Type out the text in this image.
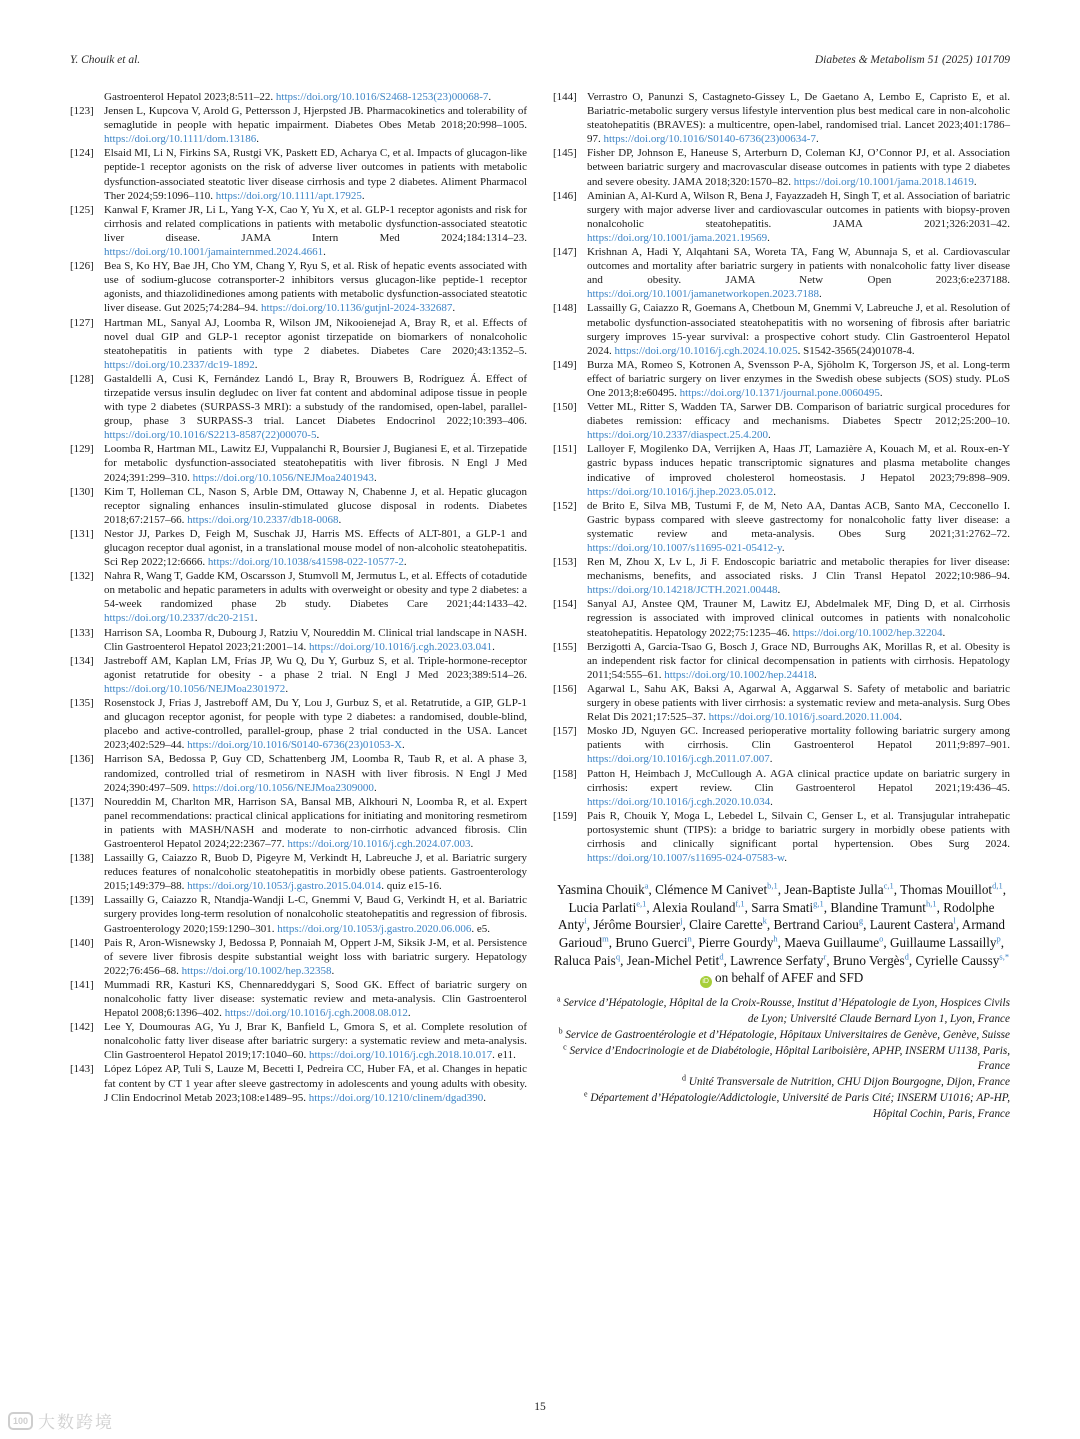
Y. Chouik et al.	Diabetes & Metabolism 51 (2025) 101709
Gastroenterol Hepatol 2023;8:511–22. https://doi.org/10.1016/S2468-1253(23)00068-7.
[123] Jensen L, Kupcova V, Arold G, Pettersson J, Hjerpsted JB. Pharmacokinetics and tolerability of semaglutide in people with hepatic impairment. Diabetes Obes Metab 2018;20:998–1005. https://doi.org/10.1111/dom.13186.
[124] Elsaid MI, Li N, Firkins SA, Rustgi VK, Paskett ED, Acharya C, et al. Impacts of glucagon-like peptide-1 receptor agonists on the risk of adverse liver outcomes in patients with metabolic dysfunction-associated steatotic liver disease cirrhosis and type 2 diabetes. Aliment Pharmacol Ther 2024;59:1096–110. https://doi.org/10.1111/apt.17925.
[125] Kanwal F, Kramer JR, Li L, Yang Y-X, Cao Y, Yu X, et al. GLP-1 receptor agonists and risk for cirrhosis and related complications in patients with metabolic dysfunction-associated steatotic liver disease. JAMA Intern Med 2024;184:1314–23. https://doi.org/10.1001/jamainternmed.2024.4661.
[126] Bea S, Ko HY, Bae JH, Cho YM, Chang Y, Ryu S, et al. Risk of hepatic events associated with use of sodium-glucose cotransporter-2 inhibitors versus glucagon-like peptide-1 receptor agonists, and thiazolidinediones among patients with metabolic dysfunction-associated steatotic liver disease. Gut 2025;74:284–94. https://doi.org/10.1136/gutjnl-2024-332687.
[127] Hartman ML, Sanyal AJ, Loomba R, Wilson JM, Nikooienejad A, Bray R, et al. Effects of novel dual GIP and GLP-1 receptor agonist tirzepatide on biomarkers of nonalcoholic steatohepatitis in patients with type 2 diabetes. Diabetes Care 2020;43:1352–5. https://doi.org/10.2337/dc19-1892.
[128] Gastaldelli A, Cusi K, Fernández Landó L, Bray R, Brouwers B, Rodríguez Á. Effect of tirzepatide versus insulin degludec on liver fat content and abdominal adipose tissue in people with type 2 diabetes (SURPASS-3 MRI): a substudy of the randomised, open-label, parallel-group, phase 3 SURPASS-3 trial. Lancet Diabetes Endocrinol 2022;10:393–406. https://doi.org/10.1016/S2213-8587(22)00070-5.
[129] Loomba R, Hartman ML, Lawitz EJ, Vuppalanchi R, Boursier J, Bugianesi E, et al. Tirzepatide for metabolic dysfunction-associated steatohepatitis with liver fibrosis. N Engl J Med 2024;391:299–310. https://doi.org/10.1056/NEJMoa2401943.
[130] Kim T, Holleman CL, Nason S, Arble DM, Ottaway N, Chabenne J, et al. Hepatic glucagon receptor signaling enhances insulin-stimulated glucose disposal in rodents. Diabetes 2018;67:2157–66. https://doi.org/10.2337/db18-0068.
[131] Nestor JJ, Parkes D, Feigh M, Suschak JJ, Harris MS. Effects of ALT-801, a GLP-1 and glucagon receptor dual agonist, in a translational mouse model of non-alcoholic steatohepatitis. Sci Rep 2022;12:6666. https://doi.org/10.1038/s41598-022-10577-2.
[132] Nahra R, Wang T, Gadde KM, Oscarsson J, Stumvoll M, Jermutus L, et al. Effects of cotadutide on metabolic and hepatic parameters in adults with overweight or obesity and type 2 diabetes: a 54-week randomized phase 2b study. Diabetes Care 2021;44:1433–42. https://doi.org/10.2337/dc20-2151.
[133] Harrison SA, Loomba R, Dubourg J, Ratziu V, Noureddin M. Clinical trial landscape in NASH. Clin Gastroenterol Hepatol 2023;21:2001–14. https://doi.org/10.1016/j.cgh.2023.03.041.
[134] Jastreboff AM, Kaplan LM, Frías JP, Wu Q, Du Y, Gurbuz S, et al. Triple-hormone-receptor agonist retatrutide for obesity - a phase 2 trial. N Engl J Med 2023;389:514–26. https://doi.org/10.1056/NEJMoa2301972.
[135] Rosenstock J, Frias J, Jastreboff AM, Du Y, Lou J, Gurbuz S, et al. Retatrutide, a GIP, GLP-1 and glucagon receptor agonist, for people with type 2 diabetes: a randomised, double-blind, placebo and active-controlled, parallel-group, phase 2 trial conducted in the USA. Lancet 2023;402:529–44. https://doi.org/10.1016/S0140-6736(23)01053-X.
[136] Harrison SA, Bedossa P, Guy CD, Schattenberg JM, Loomba R, Taub R, et al. A phase 3, randomized, controlled trial of resmetirom in NASH with liver fibrosis. N Engl J Med 2024;390:497–509. https://doi.org/10.1056/NEJMoa2309000.
[137] Noureddin M, Charlton MR, Harrison SA, Bansal MB, Alkhouri N, Loomba R, et al. Expert panel recommendations: practical clinical applications for initiating and monitoring resmetirom in patients with MASH/NASH and moderate to non-cirrhotic advanced fibrosis. Clin Gastroenterol Hepatol 2024;22:2367–77. https://doi.org/10.1016/j.cgh.2024.07.003.
[138] Lassailly G, Caiazzo R, Buob D, Pigeyre M, Verkindt H, Labreuche J, et al. Bariatric surgery reduces features of nonalcoholic steatohepatitis in morbidly obese patients. Gastroenterology 2015;149:379–88. https://doi.org/10.1053/j.gastro.2015.04.014. quiz e15-16.
[139] Lassailly G, Caiazzo R, Ntandja-Wandji L-C, Gnemmi V, Baud G, Verkindt H, et al. Bariatric surgery provides long-term resolution of nonalcoholic steatohepatitis and regression of fibrosis. Gastroenterology 2020;159:1290–301. https://doi.org/10.1053/j.gastro.2020.06.006. e5.
[140] Pais R, Aron-Wisnewsky J, Bedossa P, Ponnaiah M, Oppert J-M, Siksik J-M, et al. Persistence of severe liver fibrosis despite substantial weight loss with bariatric surgery. Hepatology 2022;76:456–68. https://doi.org/10.1002/hep.32358.
[141] Mummadi RR, Kasturi KS, Chennareddygari S, Sood GK. Effect of bariatric surgery on nonalcoholic fatty liver disease: systematic review and meta-analysis. Clin Gastroenterol Hepatol 2008;6:1396–402. https://doi.org/10.1016/j.cgh.2008.08.012.
[142] Lee Y, Doumouras AG, Yu J, Brar K, Banfield L, Gmora S, et al. Complete resolution of nonalcoholic fatty liver disease after bariatric surgery: a systematic review and meta-analysis. Clin Gastroenterol Hepatol 2019;17:1040–60. https://doi.org/10.1016/j.cgh.2018.10.017. e11.
[143] López López AP, Tuli S, Lauze M, Becetti I, Pedreira CC, Huber FA, et al. Changes in hepatic fat content by CT 1 year after sleeve gastrectomy in adolescents and young adults with obesity. J Clin Endocrinol Metab 2023;108:e1489–95. https://doi.org/10.1210/clinem/dgad390.
[144] Verrastro O, Panunzi S, Castagneto-Gissey L, De Gaetano A, Lembo E, Capristo E, et al. Bariatric-metabolic surgery versus lifestyle intervention plus best medical care in non-alcoholic steatohepatitis (BRAVES): a multicentre, open-label, randomised trial. Lancet 2023;401:1786–97. https://doi.org/10.1016/S0140-6736(23)00634-7.
[145] Fisher DP, Johnson E, Haneuse S, Arterburn D, Coleman KJ, O’Connor PJ, et al. Association between bariatric surgery and macrovascular disease outcomes in patients with type 2 diabetes and severe obesity. JAMA 2018;320:1570–82. https://doi.org/10.1001/jama.2018.14619.
[146] Aminian A, Al-Kurd A, Wilson R, Bena J, Fayazzadeh H, Singh T, et al. Association of bariatric surgery with major adverse liver and cardiovascular outcomes in patients with biopsy-proven nonalcoholic steatohepatitis. JAMA 2021;326:2031–42. https://doi.org/10.1001/jama.2021.19569.
[147] Krishnan A, Hadi Y, Alqahtani SA, Woreta TA, Fang W, Abunnaja S, et al. Cardiovascular outcomes and mortality after bariatric surgery in patients with nonalcoholic fatty liver disease and obesity. JAMA Netw Open 2023;6:e237188. https://doi.org/10.1001/jamanetworkopen.2023.7188.
[148] Lassailly G, Caiazzo R, Goemans A, Chetboun M, Gnemmi V, Labreuche J, et al. Resolution of metabolic dysfunction-associated steatohepatitis with no worsening of fibrosis after bariatric surgery improves 15-year survival: a prospective cohort study. Clin Gastroenterol Hepatol 2024. https://doi.org/10.1016/j.cgh.2024.10.025. S1542-3565(24)01078-4.
[149] Burza MA, Romeo S, Kotronen A, Svensson P-A, Sjöholm K, Torgerson JS, et al. Long-term effect of bariatric surgery on liver enzymes in the Swedish obese subjects (SOS) study. PLoS One 2013;8:e60495. https://doi.org/10.1371/journal.pone.0060495.
[150] Vetter ML, Ritter S, Wadden TA, Sarwer DB. Comparison of bariatric surgical procedures for diabetes remission: efficacy and mechanisms. Diabetes Spectr 2012;25:200–10. https://doi.org/10.2337/diaspect.25.4.200.
[151] Lalloyer F, Mogilenko DA, Verrijken A, Haas JT, Lamazière A, Kouach M, et al. Roux-en-Y gastric bypass induces hepatic transcriptomic signatures and plasma metabolite changes indicative of improved cholesterol homeostasis. J Hepatol 2023;79:898–909. https://doi.org/10.1016/j.jhep.2023.05.012.
[152] de Brito E, Silva MB, Tustumi F, de M, Neto AA, Dantas ACB, Santo MA, Cecconello I. Gastric bypass compared with sleeve gastrectomy for nonalcoholic fatty liver disease: a systematic review and meta-analysis. Obes Surg 2021;31:2762–72. https://doi.org/10.1007/s11695-021-05412-y.
[153] Ren M, Zhou X, Lv L, Ji F. Endoscopic bariatric and metabolic therapies for liver disease: mechanisms, benefits, and associated risks. J Clin Transl Hepatol 2022;10:986–94. https://doi.org/10.14218/JCTH.2021.00448.
[154] Sanyal AJ, Anstee QM, Trauner M, Lawitz EJ, Abdelmalek MF, Ding D, et al. Cirrhosis regression is associated with improved clinical outcomes in patients with nonalcoholic steatohepatitis. Hepatology 2022;75:1235–46. https://doi.org/10.1002/hep.32204.
[155] Berzigotti A, Garcia-Tsao G, Bosch J, Grace ND, Burroughs AK, Morillas R, et al. Obesity is an independent risk factor for clinical decompensation in patients with cirrhosis. Hepatology 2011;54:555–61. https://doi.org/10.1002/hep.24418.
[156] Agarwal L, Sahu AK, Baksi A, Agarwal A, Aggarwal S. Safety of metabolic and bariatric surgery in obese patients with liver cirrhosis: a systematic review and meta-analysis. Surg Obes Relat Dis 2021;17:525–37. https://doi.org/10.1016/j.soard.2020.11.004.
[157] Mosko JD, Nguyen GC. Increased perioperative mortality following bariatric surgery among patients with cirrhosis. Clin Gastroenterol Hepatol 2011;9:897–901. https://doi.org/10.1016/j.cgh.2011.07.007.
[158] Patton H, Heimbach J, McCullough A. AGA clinical practice update on bariatric surgery in cirrhosis: expert review. Clin Gastroenterol Hepatol 2021;19:436–45. https://doi.org/10.1016/j.cgh.2020.10.034.
[159] Pais R, Chouik Y, Moga L, Lebedel L, Silvain C, Genser L, et al. Transjugular intrahepatic portosystemic shunt (TIPS): a bridge to bariatric surgery in morbidly obese patients with cirrhosis and clinically significant portal hypertension. Obes Surg 2024. https://doi.org/10.1007/s11695-024-07583-w.
Yasmina Chouik$^a$, Clémence M Canivet$^{b,1}$, Jean-Baptiste Julla$^{c,1}$, Thomas Mouillot$^{d,1}$, Lucia Parlati$^{e,1}$, Alexia Rouland$^{f,1}$, Sarra Smati$^{g,1}$, Blandine Tramunt$^{h,1}$, Rodolphe Anty$^i$, Jérôme Boursier$^j$, Claire Carette$^k$, Bertrand Cariou$^g$, Laurent Castera$^l$, Armand Garioud$^m$, Bruno Guerci$^n$, Pierre Gourdy$^h$, Maeva Guillaume$^o$, Guillaume Lassailly$^p$, Raluca Pais$^q$, Jean-Michel Petit$^d$, Lawrence Serfaty$^r$, Bruno Vergès$^d$, Cyrielle Caussy$^{s,*}$ iD on behalf of AFEF and SFD
$^a$ Service d’Hépatologie, Hôpital de la Croix-Rousse, Institut d’Hépatologie de Lyon, Hospices Civils de Lyon; Université Claude Bernard Lyon 1, Lyon, France
$^b$ Service de Gastroentérologie et d’Hépatologie, Hôpitaux Universitaires de Genève, Genève, Suisse
$^c$ Service d’Endocrinologie et de Diabétologie, Hôpital Lariboisière, APHP, INSERM U1138, Paris, France
$^d$ Unité Transversale de Nutrition, CHU Dijon Bourgogne, Dijon, France
$^e$ Département d’Hépatologie/Addictologie, Université de Paris Cité; INSERM U1016; AP-HP, Hôpital Cochin, Paris, France
15
100 大数跨境
